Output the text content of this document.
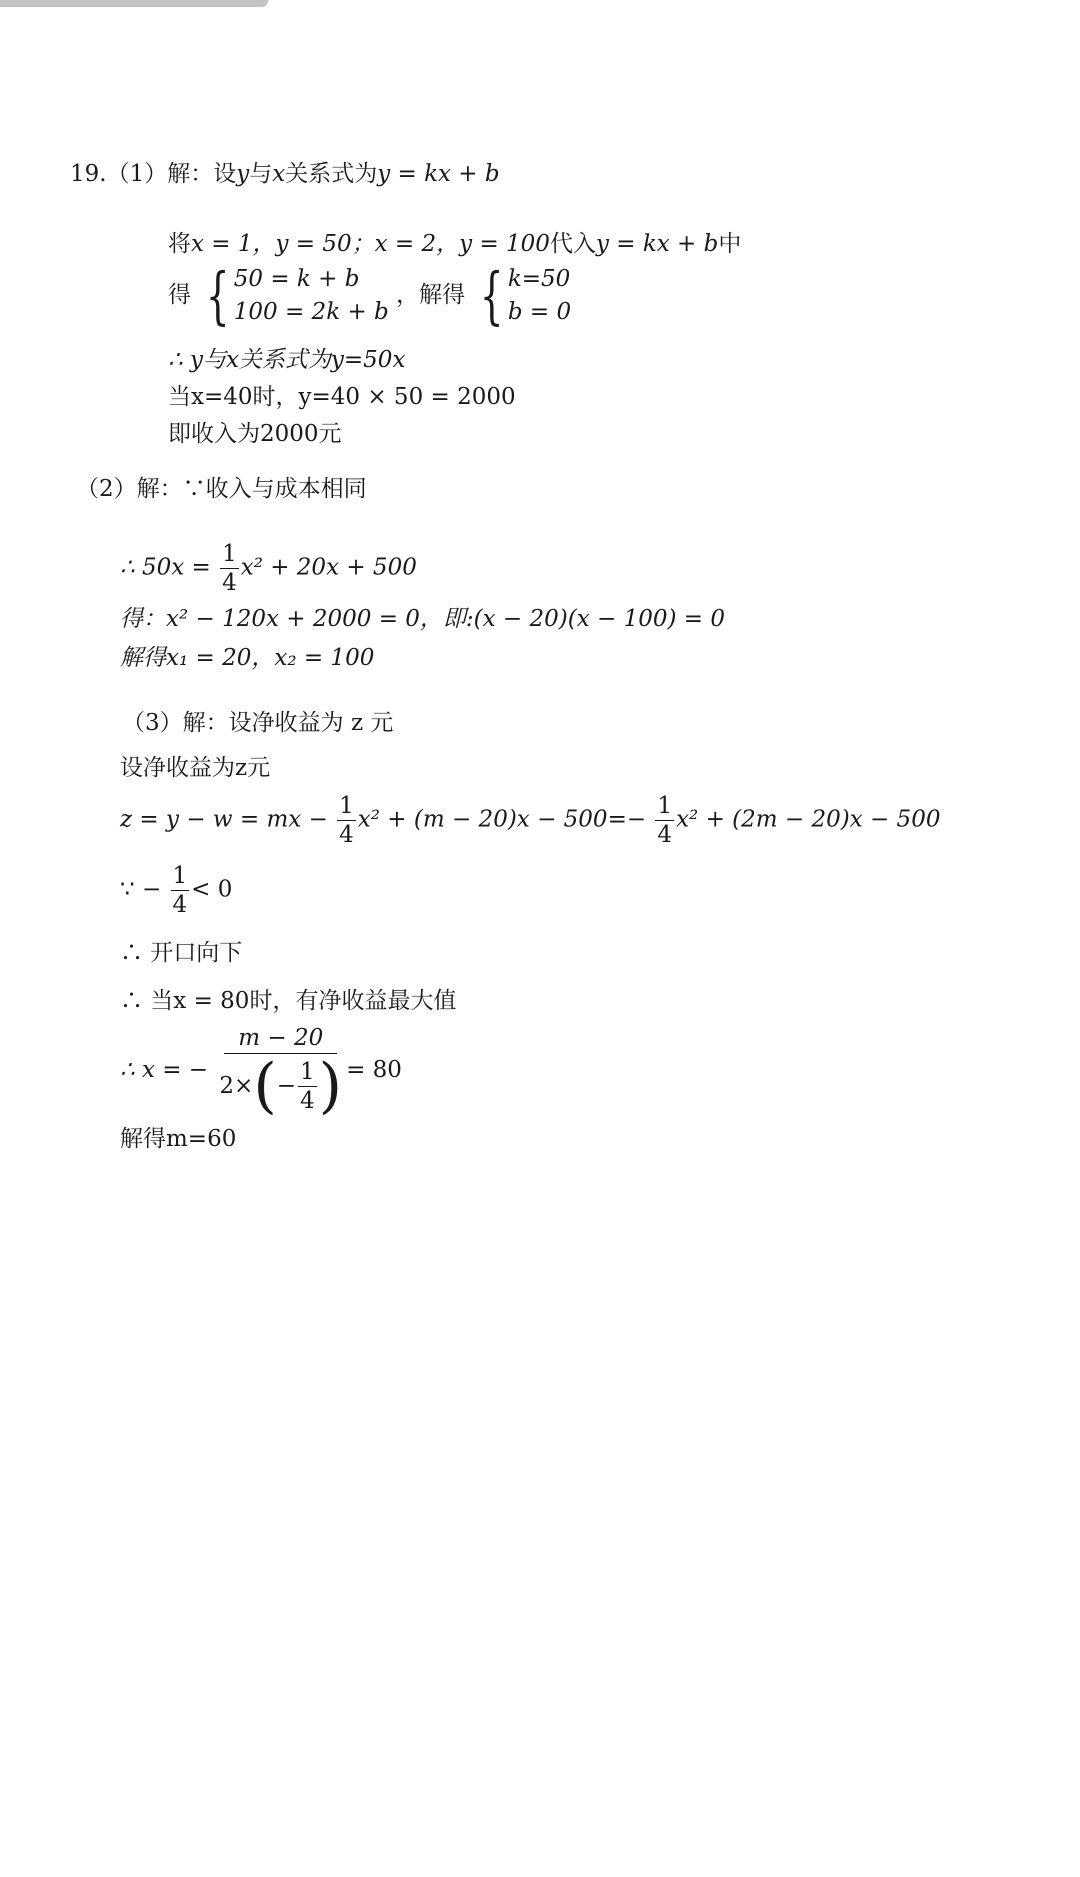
19.（1）解：设y与x关系式为y = kx + b
将x = 1，y = 50；x = 2，y = 100代入y = kx + b中
得 { 50 = k + b
100 = 2k + b
，解得 { k=50
b = 0
∴ y与x关系式为y=50x
当x=40时，y=40 × 50 = 2000
即收入为2000元
（2）解：∵收入与成本相同
∴ $50x = \frac{1}{4} x^2 + 20x + 500$
得：x² − 120x + 2000 = 0，即:(x − 20)(x − 100) = 0
解得x₁ = 20，x₂ = 100
（3）解：设净收益为 z 元
设净收益为z元
z = y − w = mx − $\frac{1}{4} x^2 + (m - 20)x - 500=- \frac{1}{4} x^2 + (2m - 20)x - 500$
∵ − $\frac{1}{4} < 0$
∴ 开口向下
∴ 当x = 80时，有净收益最大值
∴ x = − $\frac{m - 20}{2\times ( - \frac{1}{4} )} = 80$
解得m=60
